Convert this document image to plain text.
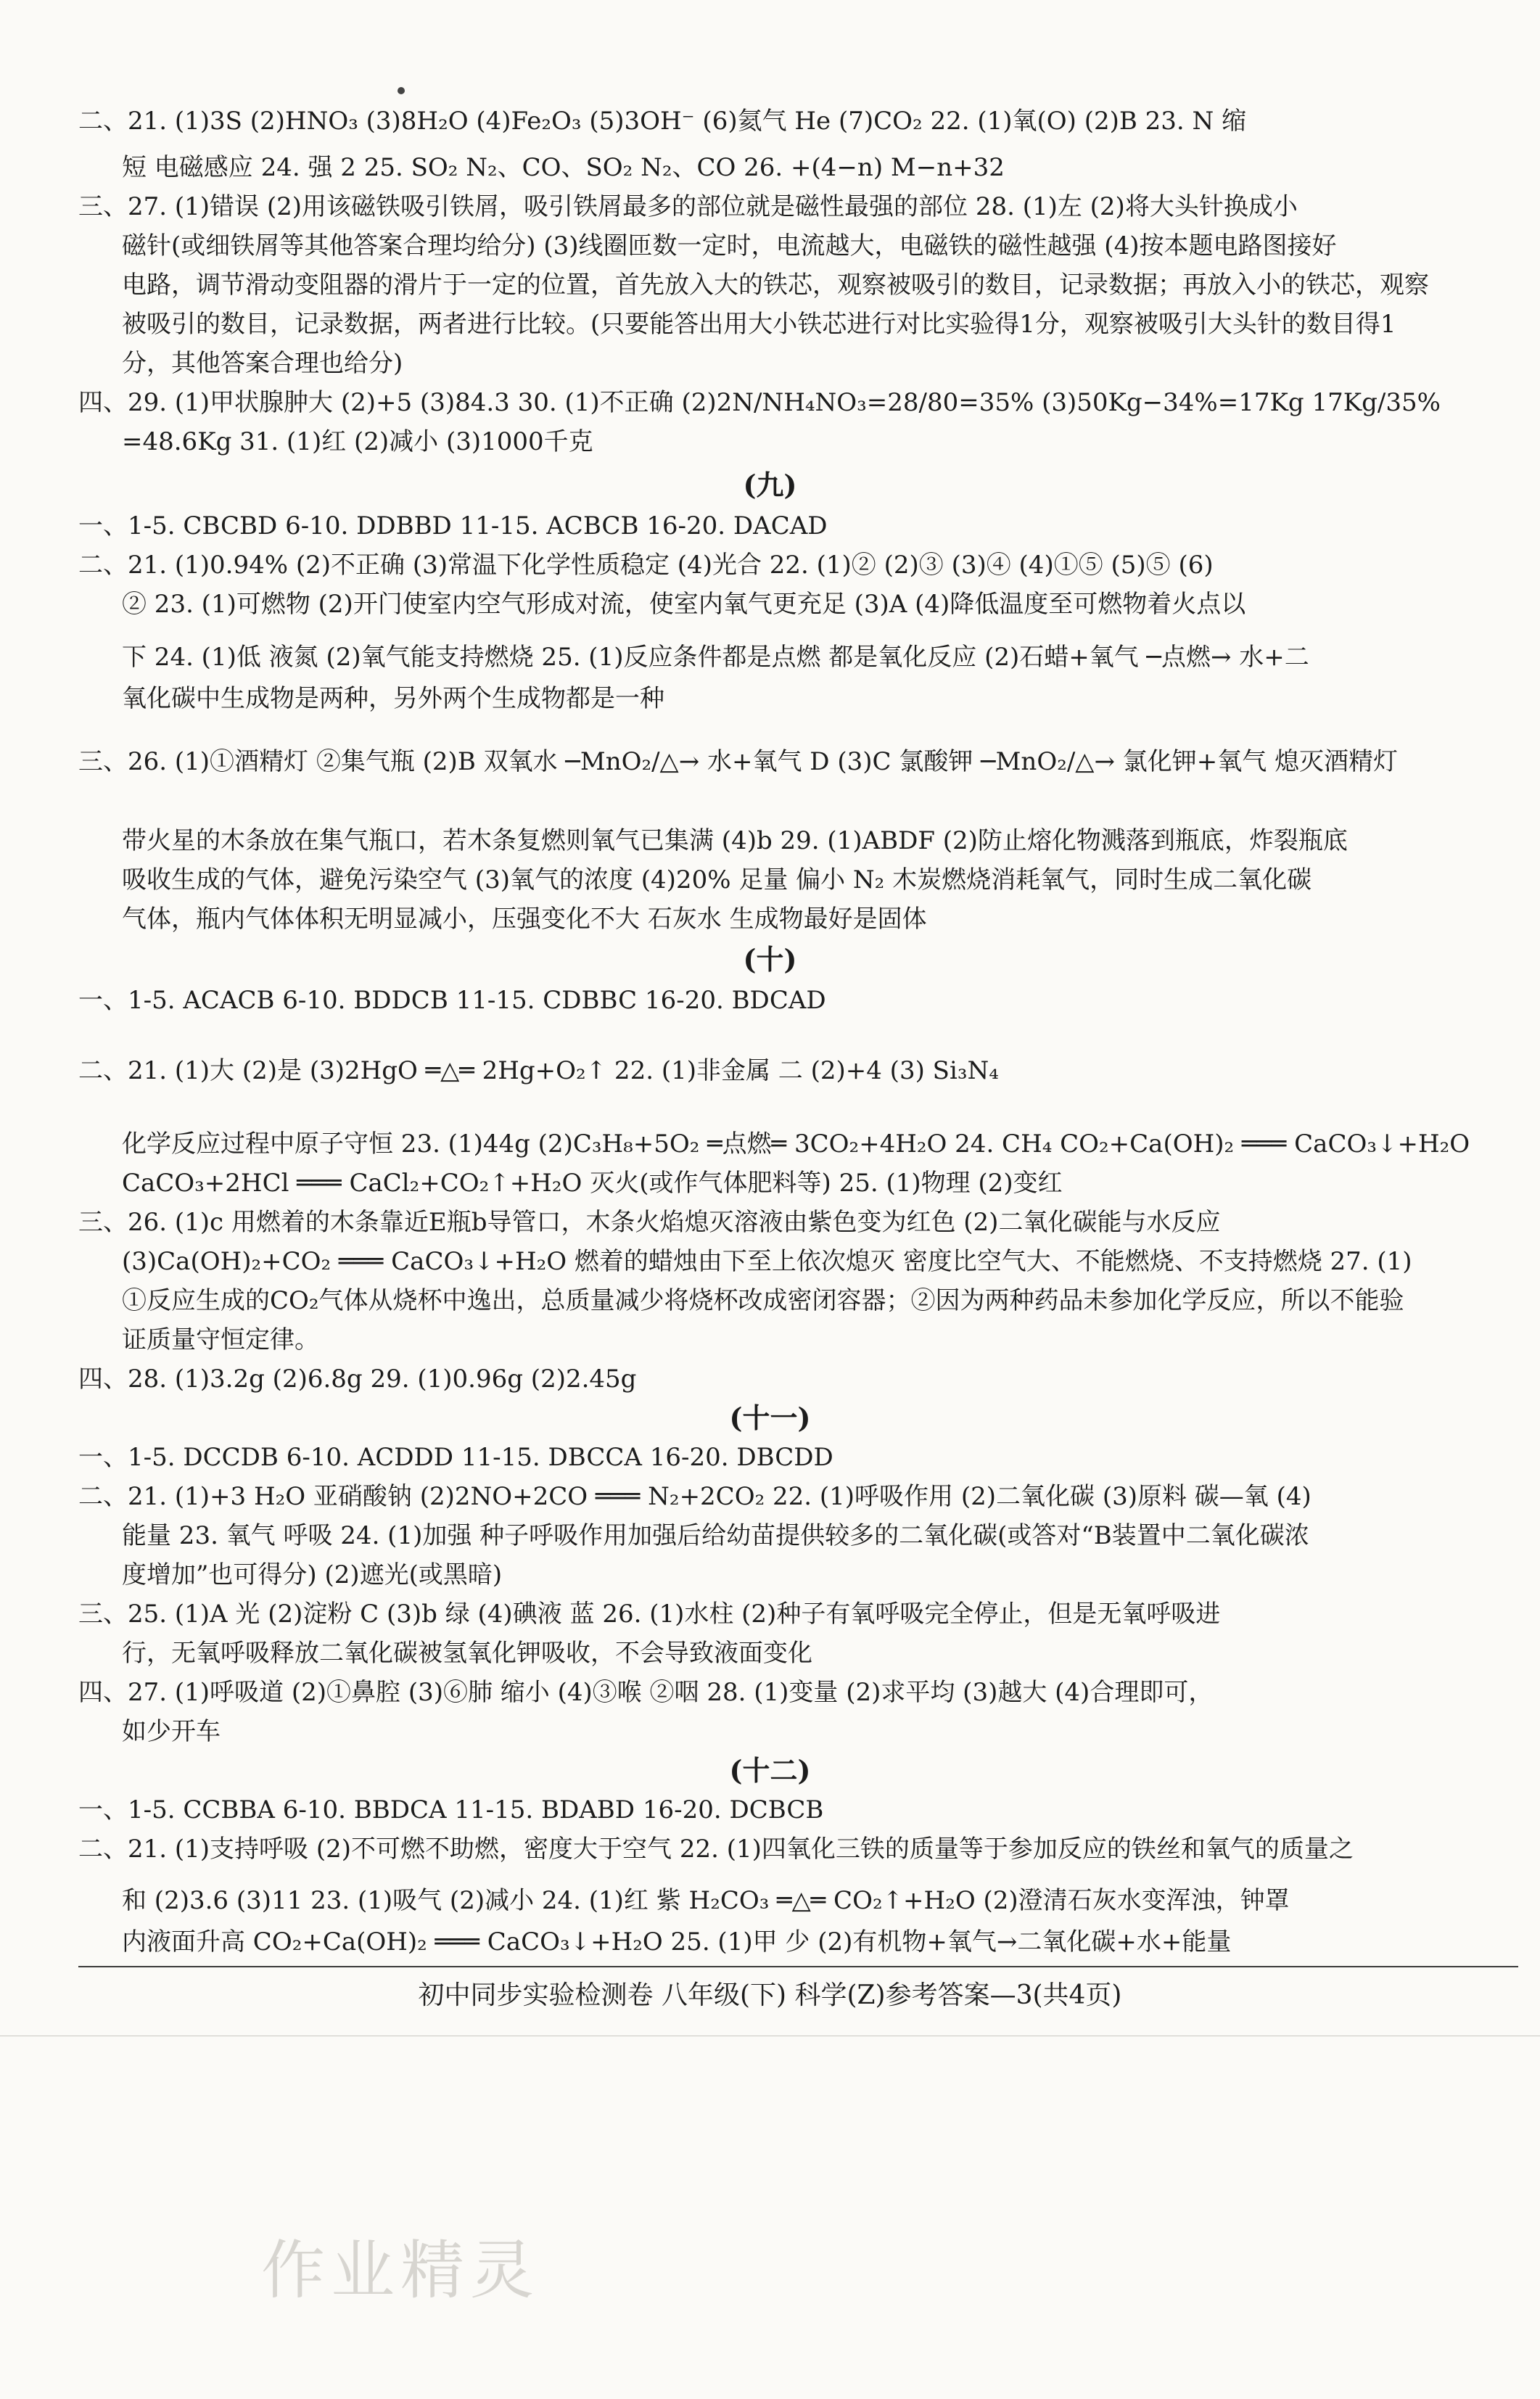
二、21. (1)3S (2)HNO₃ (3)8H₂O (4)Fe₂O₃ (5)3OH⁻ (6)氦气 He (7)CO₂ 22. (1)氧(O) (2)B 23. N 缩
短 电磁感应 24. 强 2 25. SO₂ N₂、CO、SO₂ N₂、CO 26. +(4−n) M−n+32
三、27. (1)错误 (2)用该磁铁吸引铁屑，吸引铁屑最多的部位就是磁性最强的部位 28. (1)左 (2)将大头针换成小
磁针(或细铁屑等其他答案合理均给分) (3)线圈匝数一定时，电流越大，电磁铁的磁性越强 (4)按本题电路图接好
电路，调节滑动变阻器的滑片于一定的位置，首先放入大的铁芯，观察被吸引的数目，记录数据；再放入小的铁芯，观察
被吸引的数目，记录数据，两者进行比较。(只要能答出用大小铁芯进行对比实验得1分，观察被吸引大头针的数目得1
分，其他答案合理也给分)
四、29. (1)甲状腺肿大 (2)+5 (3)84.3 30. (1)不正确 (2)2N/NH₄NO₃=28/80=35% (3)50Kg−34%=17Kg 17Kg/35%
=48.6Kg 31. (1)红 (2)减小 (3)1000千克
(九)
一、1-5. CBCBD 6-10. DDBBD 11-15. ACBCB 16-20. DACAD
二、21. (1)0.94% (2)不正确 (3)常温下化学性质稳定 (4)光合 22. (1)② (2)③ (3)④ (4)①⑤ (5)⑤ (6)
② 23. (1)可燃物 (2)开门使室内空气形成对流，使室内氧气更充足 (3)A (4)降低温度至可燃物着火点以
下 24. (1)低 液氮 (2)氧气能支持燃烧 25. (1)反应条件都是点燃 都是氧化反应 (2)石蜡+氧气 ─点燃→ 水+二
氧化碳中生成物是两种，另外两个生成物都是一种
三、26. (1)①酒精灯 ②集气瓶 (2)B 双氧水 ─MnO₂/△→ 水+氧气 D (3)C 氯酸钾 ─MnO₂/△→ 氯化钾+氧气 熄灭酒精灯
带火星的木条放在集气瓶口，若木条复燃则氧气已集满 (4)b 29. (1)ABDF (2)防止熔化物溅落到瓶底，炸裂瓶底
吸收生成的气体，避免污染空气 (3)氧气的浓度 (4)20% 足量 偏小 N₂ 木炭燃烧消耗氧气，同时生成二氧化碳
气体，瓶内气体体积无明显减小，压强变化不大 石灰水 生成物最好是固体
(十)
一、1-5. ACACB 6-10. BDDCB 11-15. CDBBC 16-20. BDCAD
二、21. (1)大 (2)是 (3)2HgO ═△═ 2Hg+O₂↑ 22. (1)非金属 二 (2)+4 (3) Si₃N₄
化学反应过程中原子守恒 23. (1)44g (2)C₃H₈+5O₂ ═点燃═ 3CO₂+4H₂O 24. CH₄ CO₂+Ca(OH)₂ ═══ CaCO₃↓+H₂O
CaCO₃+2HCl ═══ CaCl₂+CO₂↑+H₂O 灭火(或作气体肥料等) 25. (1)物理 (2)变红
三、26. (1)c 用燃着的木条靠近E瓶b导管口，木条火焰熄灭溶液由紫色变为红色 (2)二氧化碳能与水反应
(3)Ca(OH)₂+CO₂ ═══ CaCO₃↓+H₂O 燃着的蜡烛由下至上依次熄灭 密度比空气大、不能燃烧、不支持燃烧 27. (1)
①反应生成的CO₂气体从烧杯中逸出，总质量减少将烧杯改成密闭容器；②因为两种药品未参加化学反应，所以不能验
证质量守恒定律。
四、28. (1)3.2g (2)6.8g 29. (1)0.96g (2)2.45g
(十一)
一、1-5. DCCDB 6-10. ACDDD 11-15. DBCCA 16-20. DBCDD
二、21. (1)+3 H₂O 亚硝酸钠 (2)2NO+2CO ═══ N₂+2CO₂ 22. (1)呼吸作用 (2)二氧化碳 (3)原料 碳—氧 (4)
能量 23. 氧气 呼吸 24. (1)加强 种子呼吸作用加强后给幼苗提供较多的二氧化碳(或答对“B装置中二氧化碳浓
度增加”也可得分) (2)遮光(或黑暗)
三、25. (1)A 光 (2)淀粉 C (3)b 绿 (4)碘液 蓝 26. (1)水柱 (2)种子有氧呼吸完全停止，但是无氧呼吸进
行，无氧呼吸释放二氧化碳被氢氧化钾吸收，不会导致液面变化
四、27. (1)呼吸道 (2)①鼻腔 (3)⑥肺 缩小 (4)③喉 ②咽 28. (1)变量 (2)求平均 (3)越大 (4)合理即可，
如少开车
(十二)
一、1-5. CCBBA 6-10. BBDCA 11-15. BDABD 16-20. DCBCB
二、21. (1)支持呼吸 (2)不可燃不助燃，密度大于空气 22. (1)四氧化三铁的质量等于参加反应的铁丝和氧气的质量之
和 (2)3.6 (3)11 23. (1)吸气 (2)减小 24. (1)红 紫 H₂CO₃ ═△═ CO₂↑+H₂O (2)澄清石灰水变浑浊，钟罩
内液面升高 CO₂+Ca(OH)₂ ═══ CaCO₃↓+H₂O 25. (1)甲 少 (2)有机物+氧气→二氧化碳+水+能量
初中同步实验检测卷 八年级(下) 科学(Z)参考答案—3(共4页)
作业精灵
